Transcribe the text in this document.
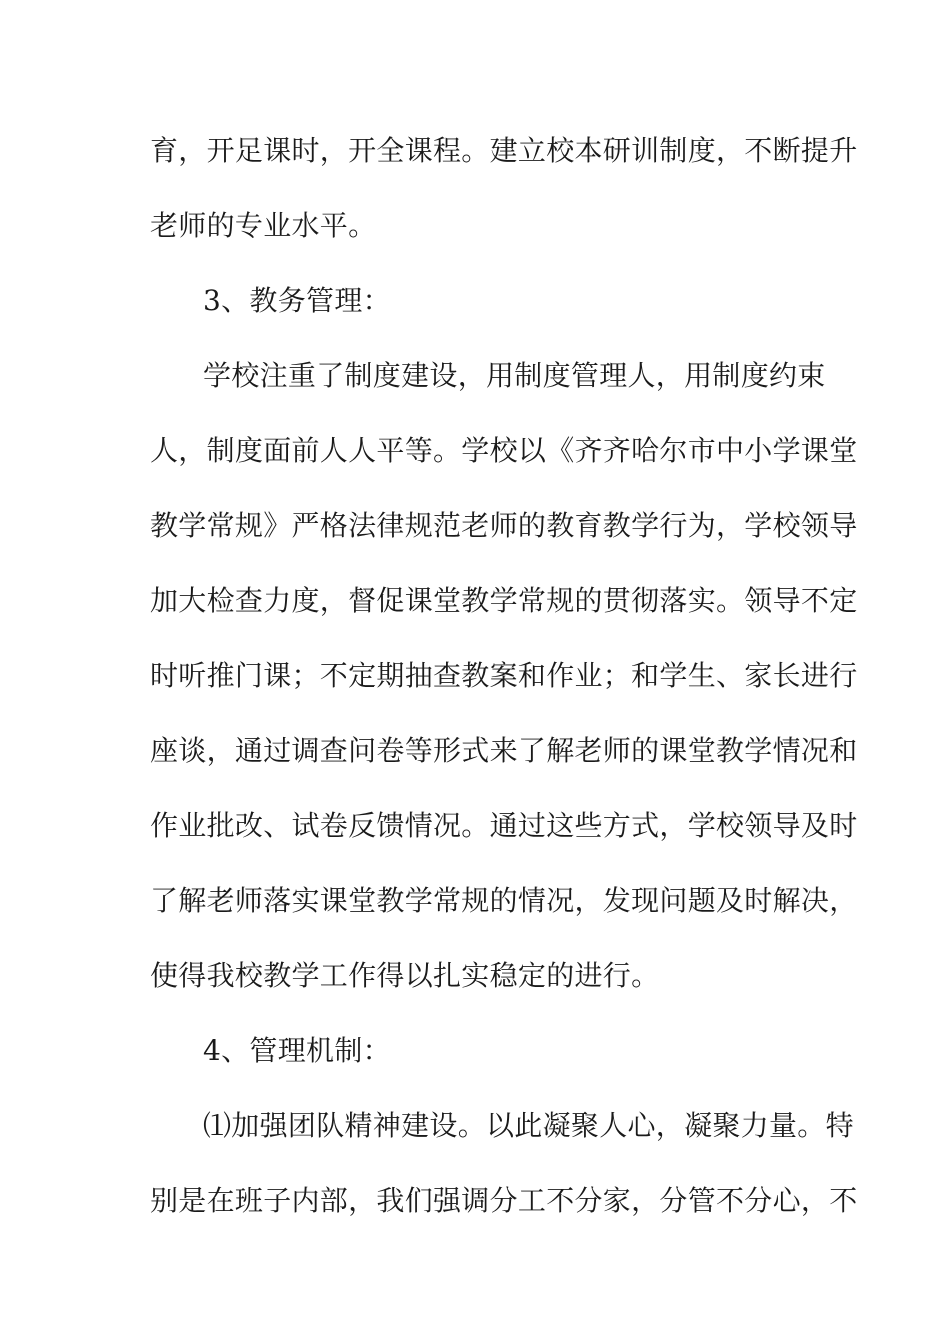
育，开足课时，开全课程。建立校本研训制度，不断提升
老师的专业水平。
3、教务管理：
学校注重了制度建设，用制度管理人，用制度约束
人，制度面前人人平等。学校以《齐齐哈尔市中小学课堂
教学常规》严格法律规范老师的教育教学行为，学校领导
加大检查力度，督促课堂教学常规的贯彻落实。领导不定
时听推门课；不定期抽查教案和作业；和学生、家长进行
座谈，通过调查问卷等形式来了解老师的课堂教学情况和
作业批改、试卷反馈情况。通过这些方式，学校领导及时
了解老师落实课堂教学常规的情况，发现问题及时解决，
使得我校教学工作得以扎实稳定的进行。
4、管理机制：
⑴加强团队精神建设。以此凝聚人心，凝聚力量。特
别是在班子内部，我们强调分工不分家，分管不分心，不
